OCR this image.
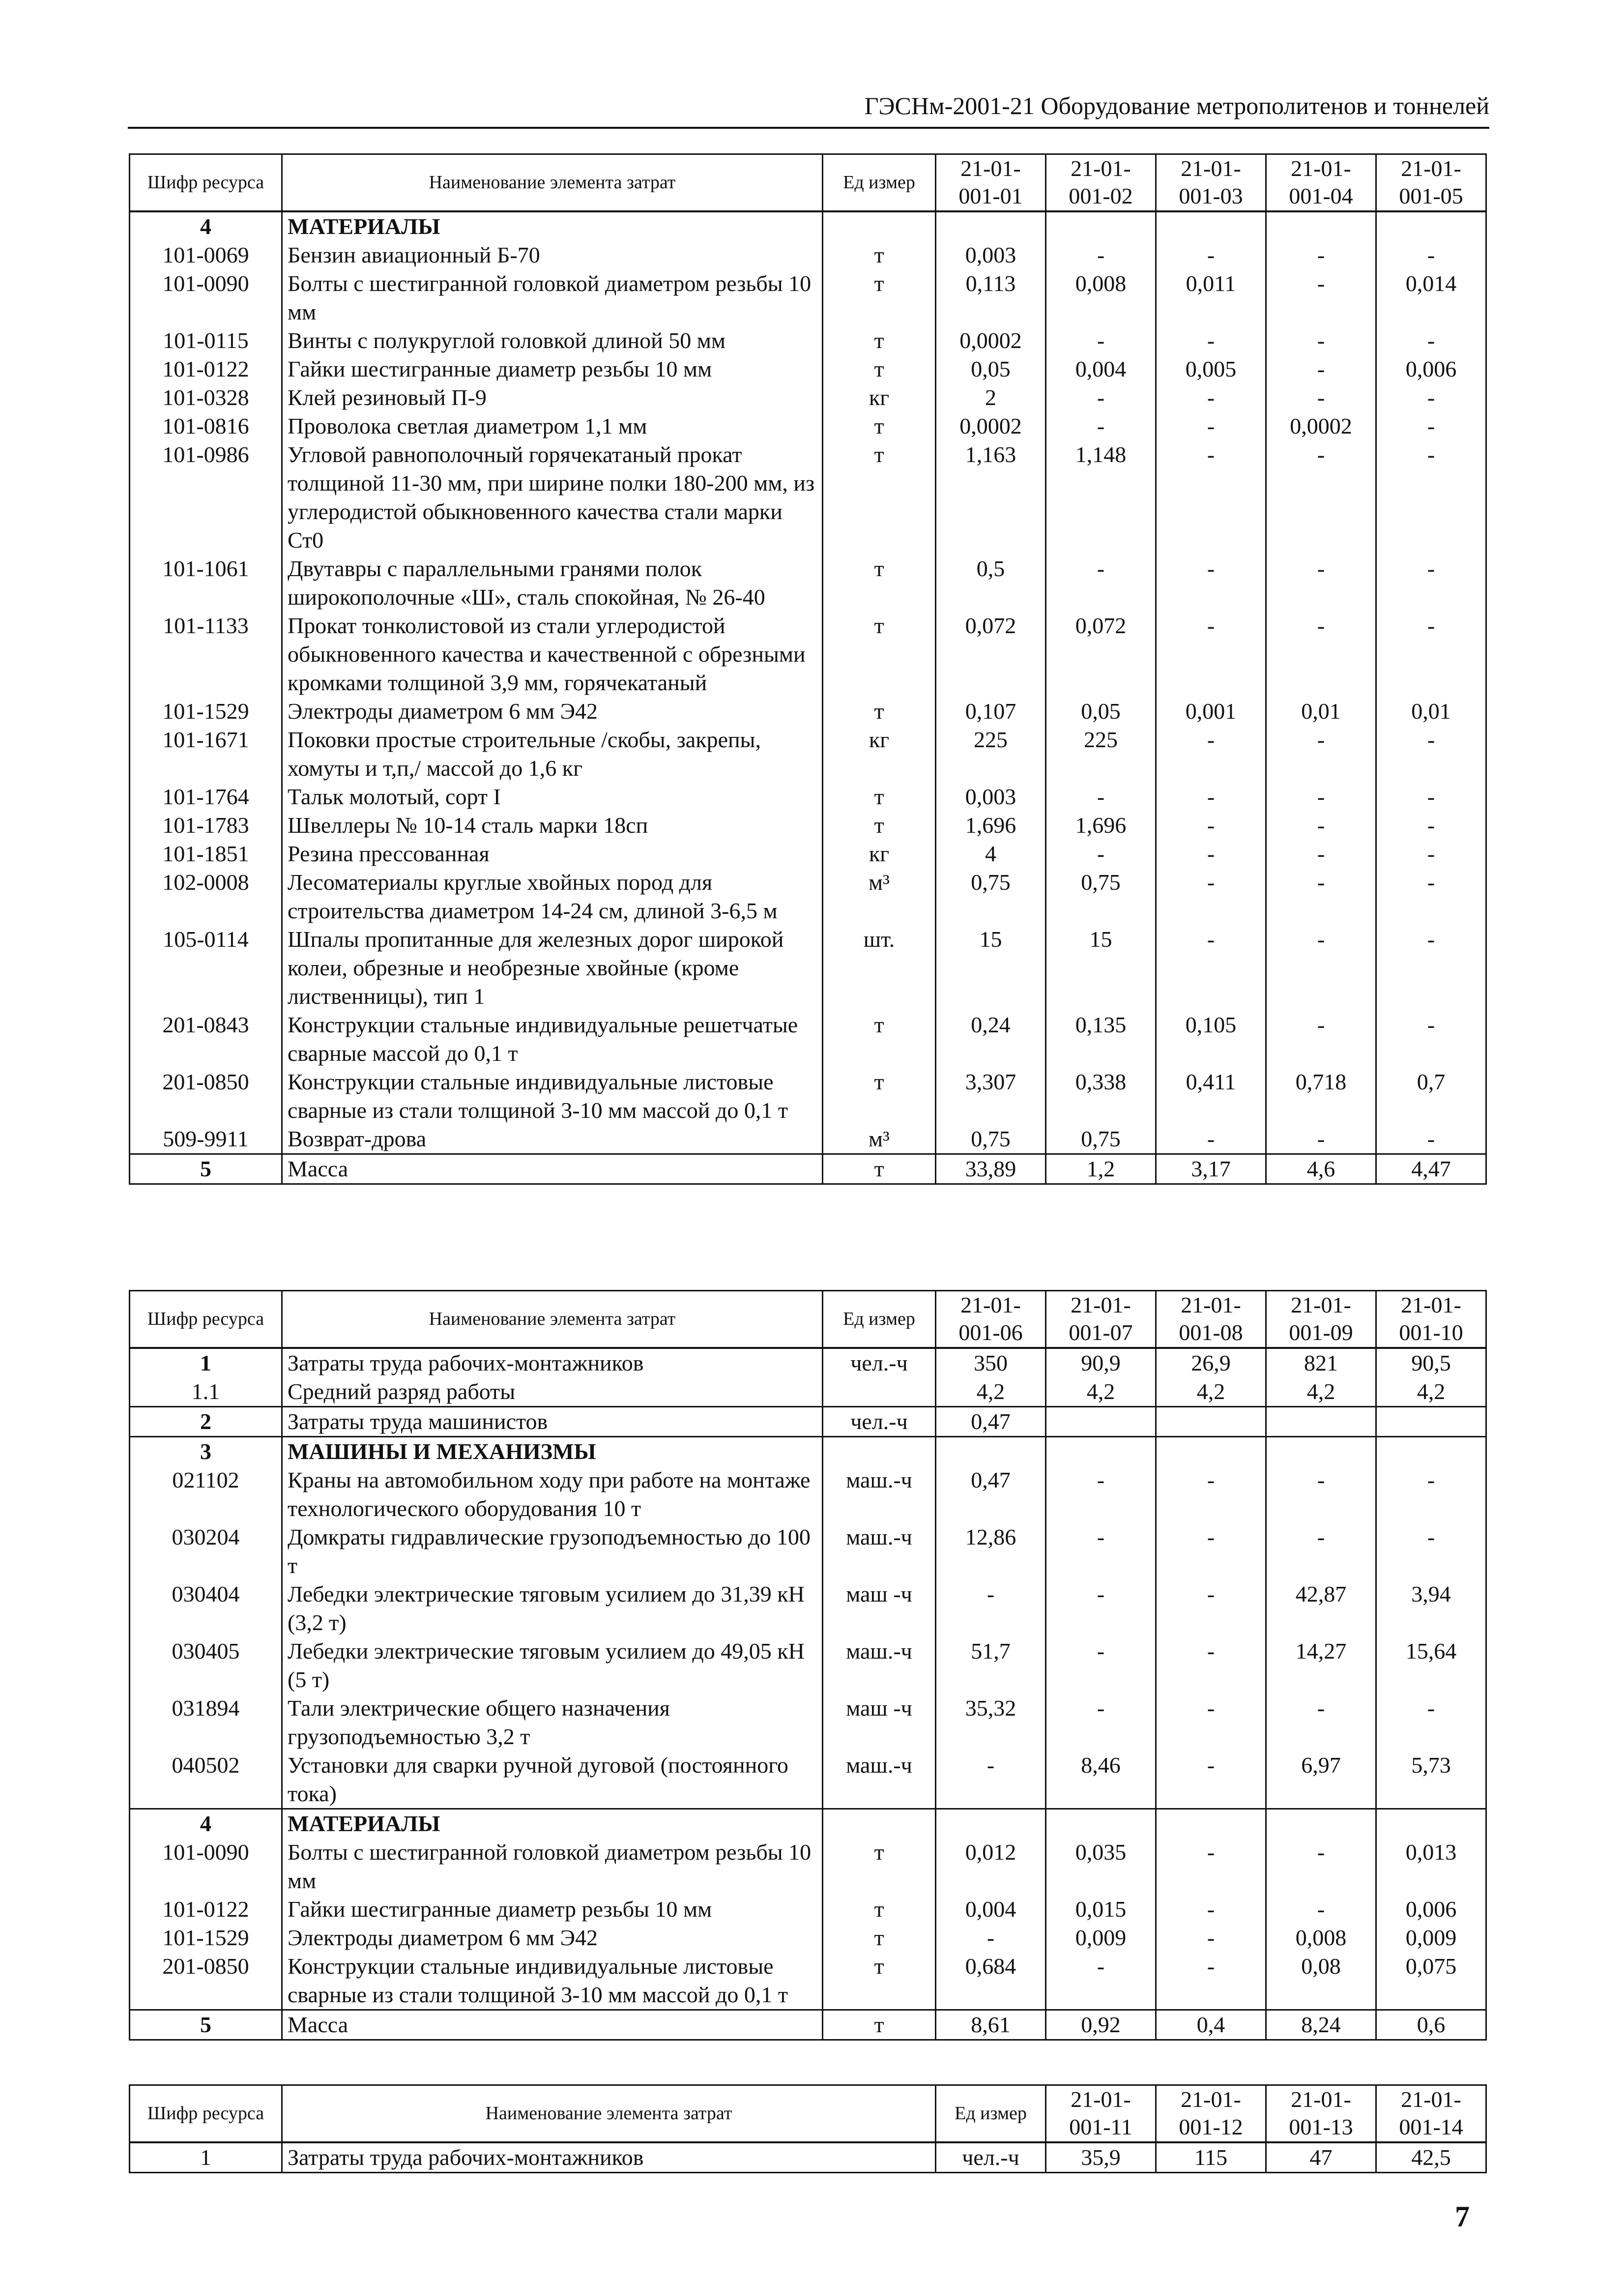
ГЭСНм-2001-21 Оборудование метрополитенов и тоннелей
Шифр ресурса	Наименование элемента затрат	Ед измер	21-01-001-01	21-01-001-02	21-01-001-03	21-01-001-04	21-01-001-05
4	МАТЕРИАЛЫ						
101-0069	Бензин авиационный Б-70	т	0,003	-	-	-	-
101-0090	Болты с шестигранной головкой диаметром резьбы 10 мм	т	0,113	0,008	0,011	-	0,014
101-0115	Винты с полукруглой головкой длиной 50 мм	т	0,0002	-	-	-	-
101-0122	Гайки шестигранные диаметр резьбы 10 мм	т	0,05	0,004	0,005	-	0,006
101-0328	Клей резиновый П-9	кг	2	-	-	-	-
101-0816	Проволока светлая диаметром 1,1 мм	т	0,0002	-	-	0,0002	-
101-0986	Угловой равнополочный горячекатаный прокат толщиной 11-30 мм, при ширине полки 180-200 мм, из углеродистой обыкновенного качества стали марки Ст0	т	1,163	1,148	-	-	-
101-1061	Двутавры с параллельными гранями полок широкополочные «Ш», сталь спокойная, № 26-40	т	0,5	-	-	-	-
101-1133	Прокат тонколистовой из стали углеродистой обыкновенного качества и качественной с обрезными кромками толщиной 3,9 мм, горячекатаный	т	0,072	0,072	-	-	-
101-1529	Электроды диаметром 6 мм Э42	т	0,107	0,05	0,001	0,01	0,01
101-1671	Поковки простые строительные /скобы, закрепы, хомуты и т,п,/ массой до 1,6 кг	кг	225	225	-	-	-
101-1764	Тальк молотый, сорт I	т	0,003	-	-	-	-
101-1783	Швеллеры № 10-14 сталь марки 18сп	т	1,696	1,696	-	-	-
101-1851	Резина прессованная	кг	4	-	-	-	-
102-0008	Лесоматериалы круглые хвойных пород для строительства диаметром 14-24 см, длиной 3-6,5 м	м³	0,75	0,75	-	-	-
105-0114	Шпалы пропитанные для железных дорог широкой колеи, обрезные и необрезные хвойные (кроме лиственницы), тип 1	шт.	15	15	-	-	-
201-0843	Конструкции стальные индивидуальные решетчатые сварные массой до 0,1 т	т	0,24	0,135	0,105	-	-
201-0850	Конструкции стальные индивидуальные листовые сварные из стали толщиной 3-10 мм массой до 0,1 т	т	3,307	0,338	0,411	0,718	0,7
509-9911	Возврат-дрова	м³	0,75	0,75	-	-	-
5	Масса	т	33,89	1,2	3,17	4,6	4,47
Шифр ресурса	Наименование элемента затрат	Ед измер	21-01-001-06	21-01-001-07	21-01-001-08	21-01-001-09	21-01-001-10
1	Затраты труда рабочих-монтажников	чел.-ч	350	90,9	26,9	821	90,5
1.1	Средний разряд работы		4,2	4,2	4,2	4,2	4,2
2	Затраты труда машинистов	чел.-ч	0,47				
3	МАШИНЫ И МЕХАНИЗМЫ						
021102	Краны на автомобильном ходу при работе на монтаже технологического оборудования 10 т	маш.-ч	0,47	-	-	-	-
030204	Домкраты гидравлические грузоподъемностью до 100 т	маш.-ч	12,86	-	-	-	-
030404	Лебедки электрические тяговым усилием до 31,39 кН (3,2 т)	маш -ч	-	-	-	42,87	3,94
030405	Лебедки электрические тяговым усилием до 49,05 кН (5 т)	маш.-ч	51,7	-	-	14,27	15,64
031894	Тали электрические общего назначения грузоподъемностью 3,2 т	маш -ч	35,32	-	-	-	-
040502	Установки для сварки ручной дуговой (постоянного тока)	маш.-ч	-	8,46	-	6,97	5,73
4	МАТЕРИАЛЫ						
101-0090	Болты с шестигранной головкой диаметром резьбы 10 мм	т	0,012	0,035	-	-	0,013
101-0122	Гайки шестигранные диаметр резьбы 10 мм	т	0,004	0,015	-	-	0,006
101-1529	Электроды диаметром 6 мм Э42	т	-	0,009	-	0,008	0,009
201-0850	Конструкции стальные индивидуальные листовые сварные из стали толщиной 3-10 мм массой до 0,1 т	т	0,684	-	-	0,08	0,075
5	Масса	т	8,61	0,92	0,4	8,24	0,6
Шифр ресурса	Наименование элемента затрат	Ед измер	21-01-001-11	21-01-001-12	21-01-001-13	21-01-001-14
1	Затраты труда рабочих-монтажников	чел.-ч	35,9	115	47	42,5
7
